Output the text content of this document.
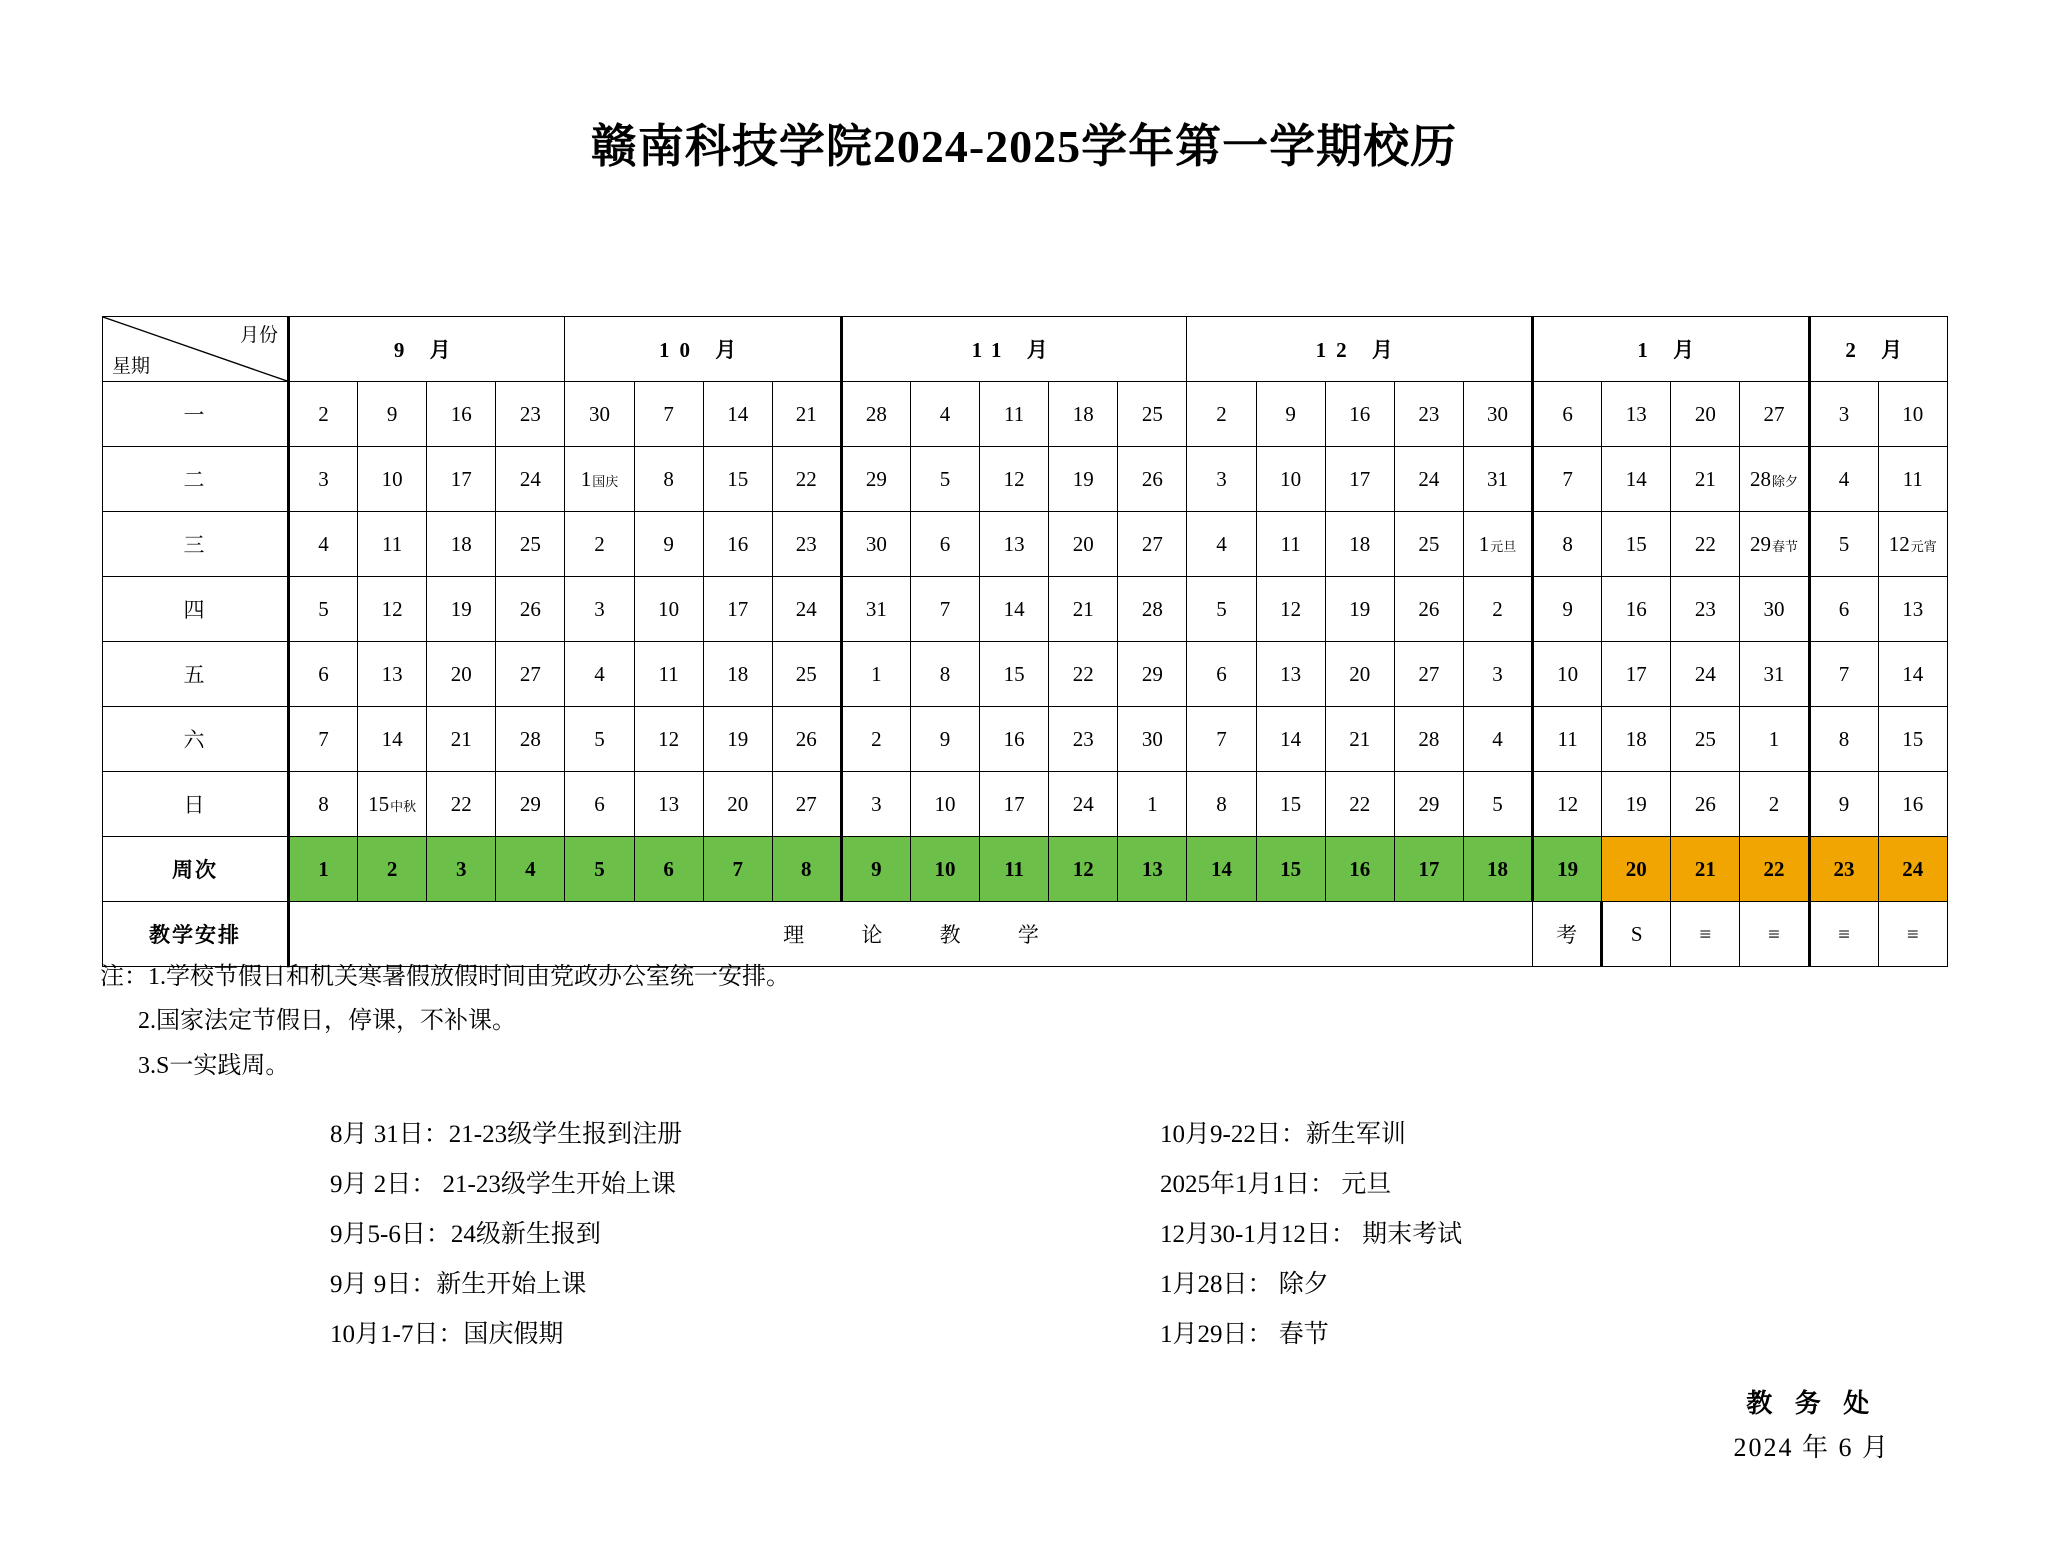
赣南科技学院2024-2025学年第一学期校历
月份
星期	9 月				10 月				11 月					12 月					1 月				2 月	
一	2	9	16	23	30	7	14	21	28	4	11	18	25	2	9	16	23	30	6	13	20	27	3	10
二	3	10	17	24	1国庆	8	15	22	29	5	12	19	26	3	10	17	24	31	7	14	21	28除夕	4	11
三	4	11	18	25	2	9	16	23	30	6	13	20	27	4	11	18	25	1元旦	8	15	22	29春节	5	12元宵
四	5	12	19	26	3	10	17	24	31	7	14	21	28	5	12	19	26	2	9	16	23	30	6	13
五	6	13	20	27	4	11	18	25	1	8	15	22	29	6	13	20	27	3	10	17	24	31	7	14
六	7	14	21	28	5	12	19	26	2	9	16	23	30	7	14	21	28	4	11	18	25	1	8	15
日	8	15中秋	22	29	6	13	20	27	3	10	17	24	1	8	15	22	29	5	12	19	26	2	9	16
周次	1	2	3	4	5	6	7	8	9	10	11	12	13	14	15	16	17	18	19	20	21	22	23	24
教学安排	理 论 教 学																		考	S	≡	≡	≡	≡
注：1.学校节假日和机关寒暑假放假时间由党政办公室统一安排。
2.国家法定节假日，停课，不补课。
3.S一实践周。
8月 31日：21-23级学生报到注册
9月 2日： 21-23级学生开始上课
9月5-6日：24级新生报到
9月 9日：新生开始上课
10月1-7日：国庆假期
10月9-22日：新生军训
2025年1月1日： 元旦
12月30-1月12日： 期末考试
1月28日： 除夕
1月29日： 春节
教 务 处
2024 年 6 月
